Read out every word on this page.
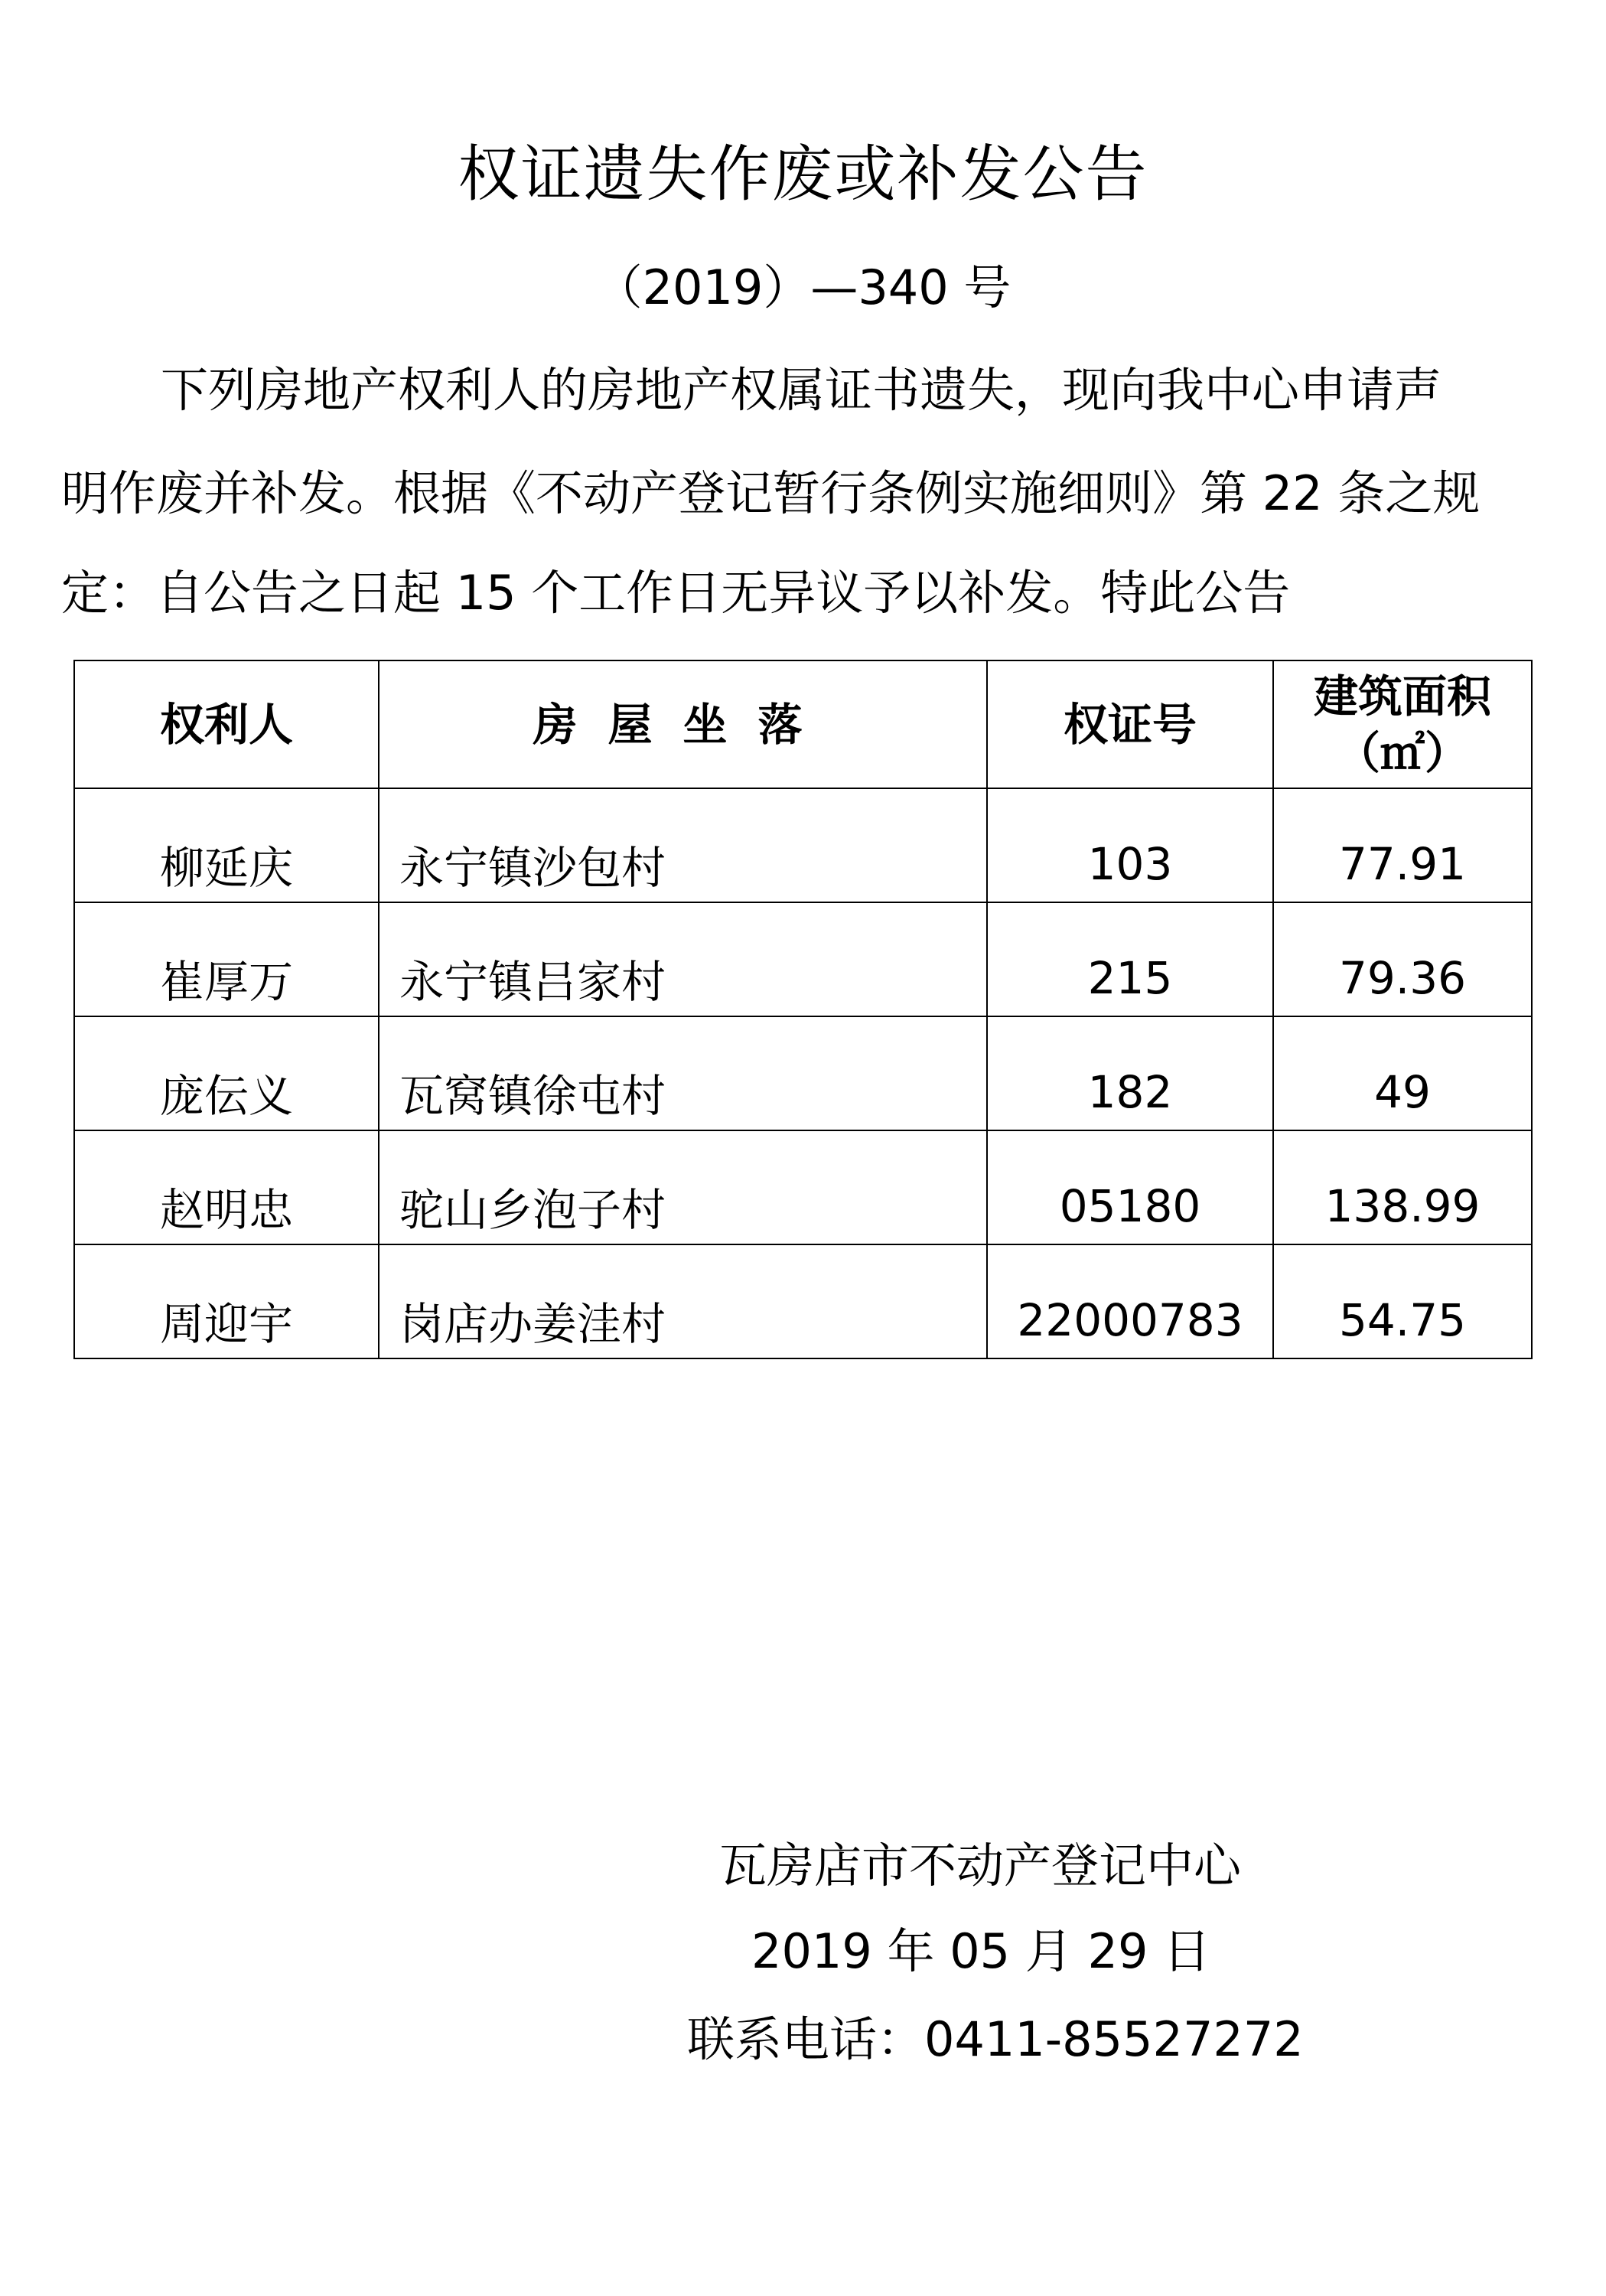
权证遗失作废或补发公告
（2019）—340 号
下列房地产权利人的房地产权属证书遗失，现向我中心申请声
明作废并补发。根据《不动产登记暂行条例实施细则》第 22 条之规
定：自公告之日起 15 个工作日无异议予以补发。特此公告
权利人	房屋坐落	权证号	建筑面积
（㎡）
柳延庆	永宁镇沙包村	103	77.91
崔厚万	永宁镇吕家村	215	79.36
庞伝义	瓦窝镇徐屯村	182	49
赵明忠	驼山乡泡子村	05180	138.99
周迎宇	岗店办姜洼村	22000783	54.75
瓦房店市不动产登记中心
2019 年 05 月 29 日
联系电话：0411-85527272
